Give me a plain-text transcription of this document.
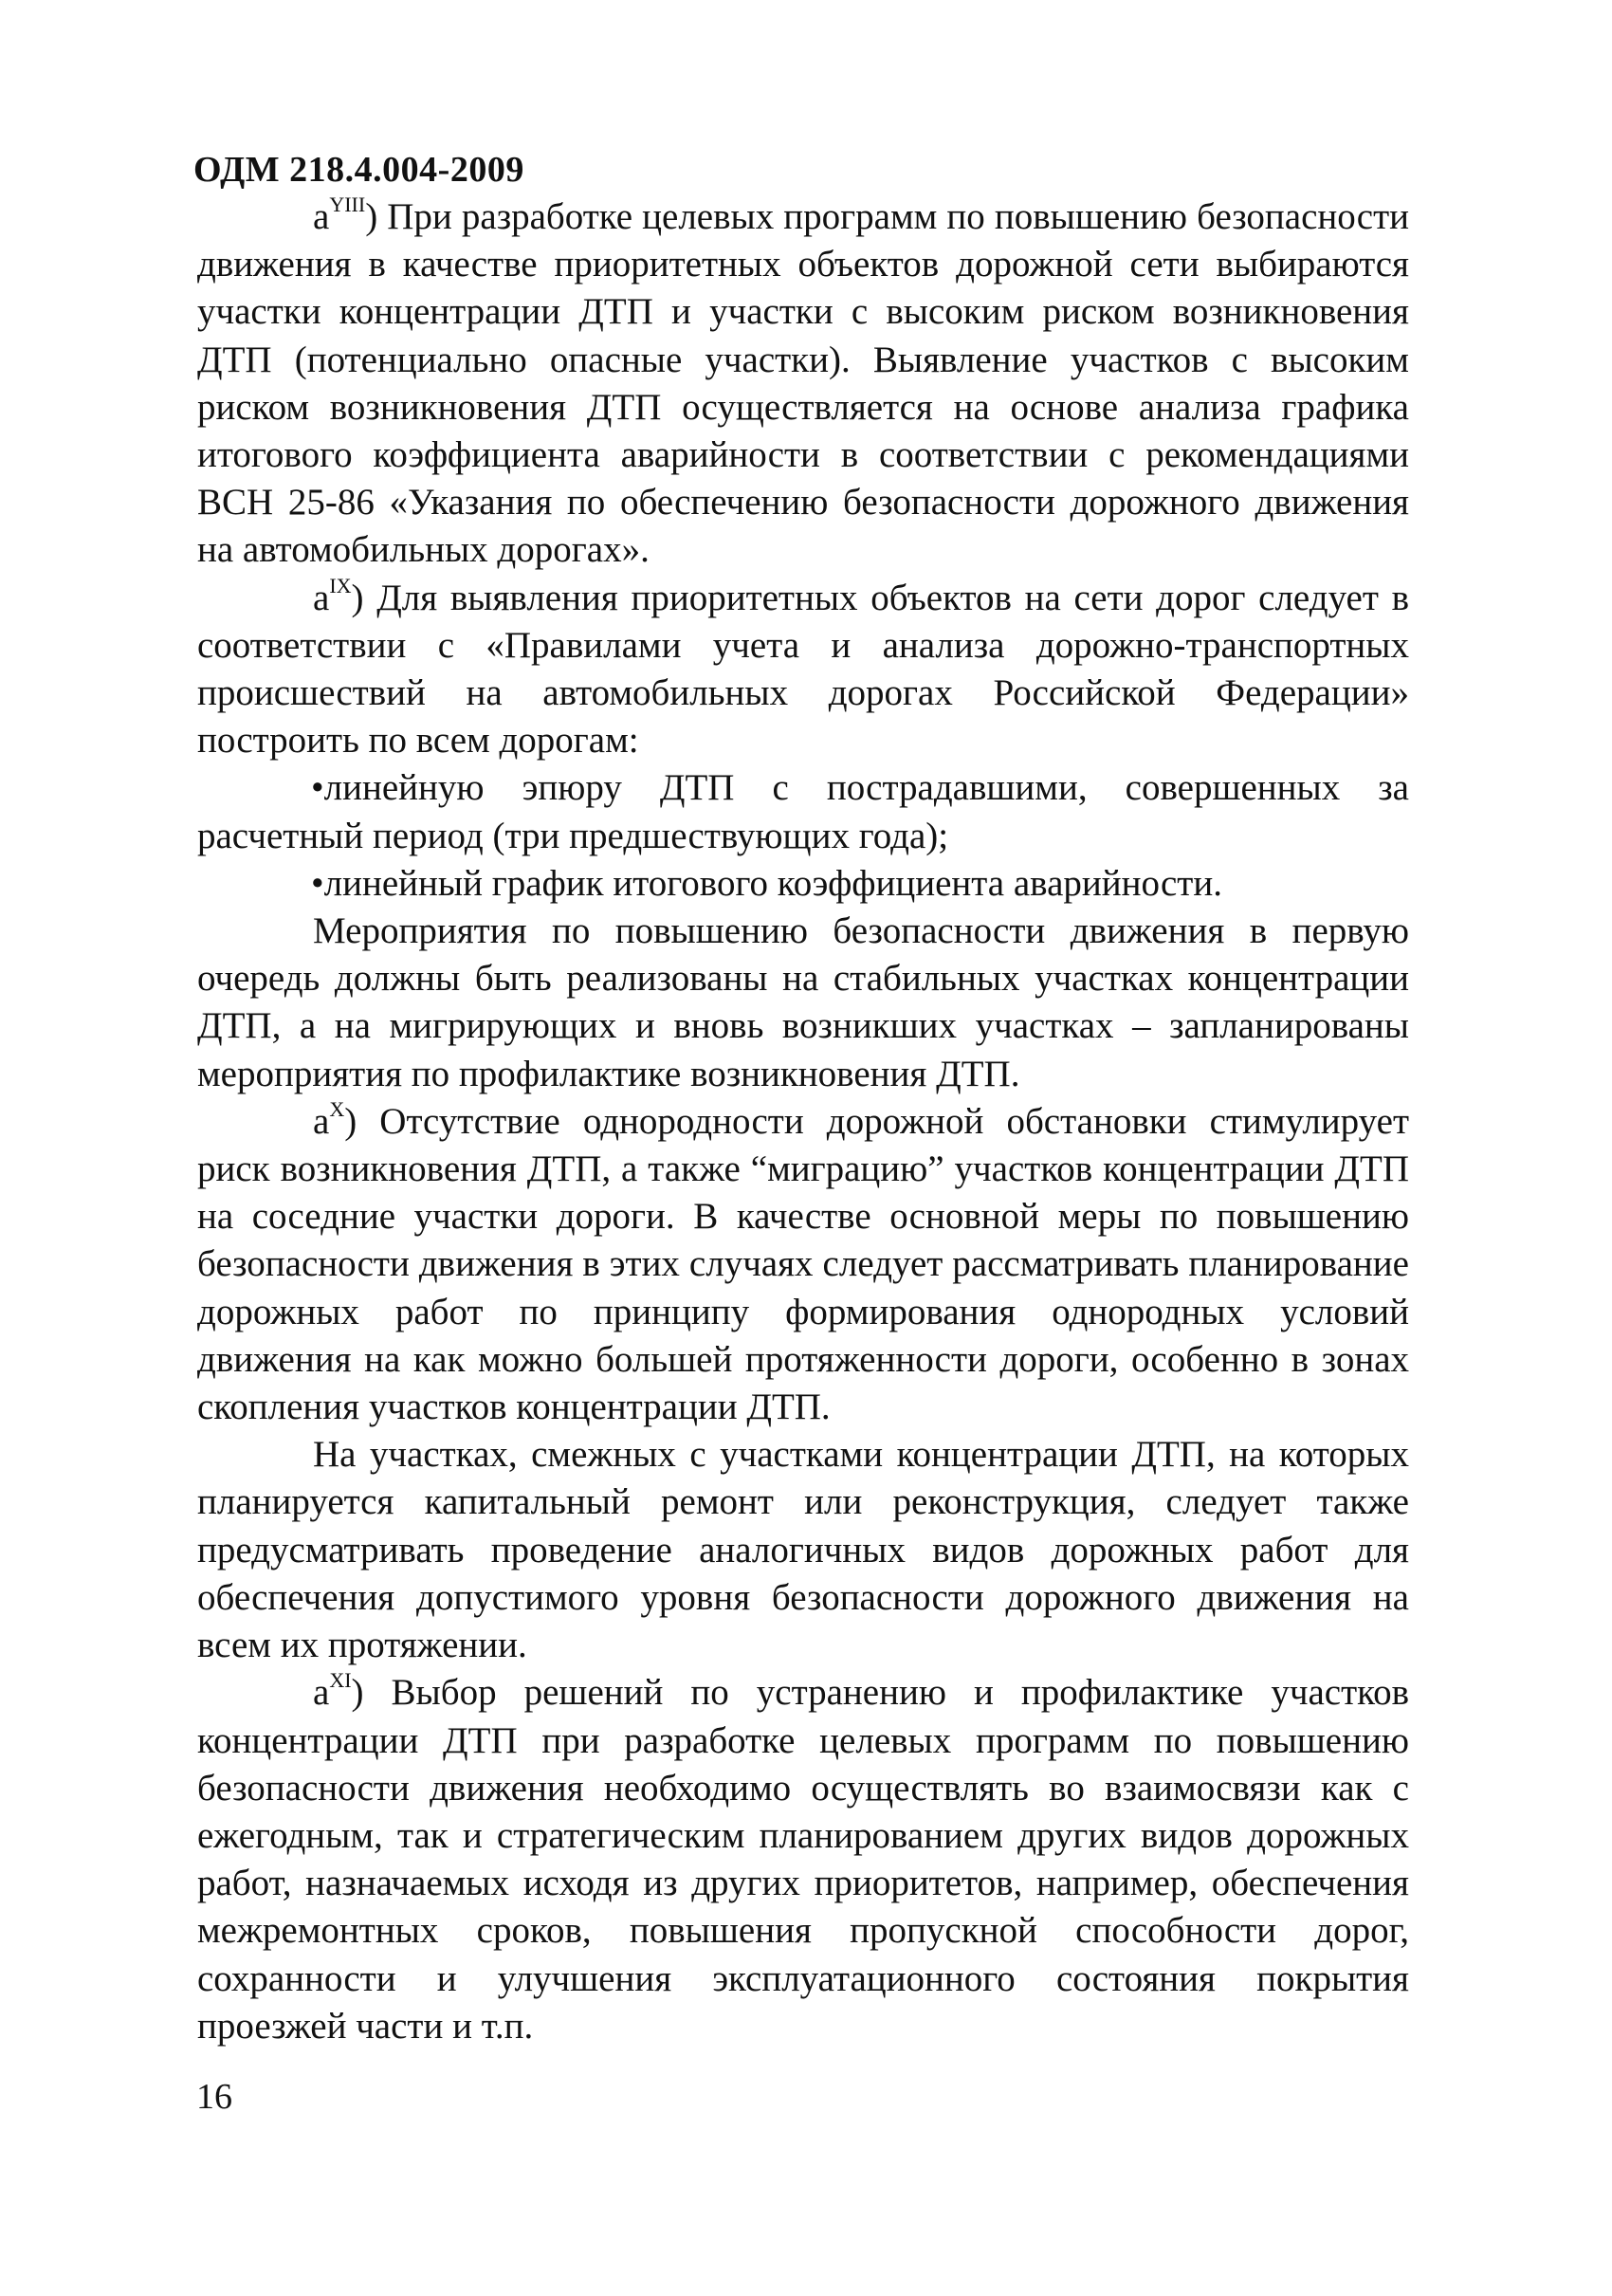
ОДМ 218.4.004-2009

$a^{YIII}$) При разработке целевых программ по повышению безопасности движения в качестве приоритетных объектов дорожной сети выбираются участки концентрации ДТП и участки с высоким риском возникновения ДТП (потенциально опасные участки). Выявление участков с высоким риском возникновения ДТП осуществляется на основе анализа графика итогового коэффициента аварийности в соответствии с рекомендациями ВСН 25-86 «Указания по обеспечению безопасности дорожного движения на автомобильных дорогах».

$a^{IX}$) Для выявления приоритетных объектов на сети дорог следует в соответствии с «Правилами учета и анализа дорожно-транспортных происшествий на автомобильных дорогах Российской Федерации» построить по всем дорогам:

•линейную эпюру ДТП с пострадавшими, совершенных за расчетный период (три предшествующих года);

•линейный график итогового коэффициента аварийности.

Мероприятия по повышению безопасности движения в первую очередь должны быть реализованы на стабильных участках концентрации ДТП, а на мигрирующих и вновь возникших участках – запланированы мероприятия по профилактике возникновения ДТП.

$a^X$) Отсутствие однородности дорожной обстановки стимулирует риск возникновения ДТП, а также “миграцию” участков концентрации ДТП на соседние участки дороги. В качестве основной меры по повышению безопасности движения в этих случаях следует рассматривать планирование дорожных работ по принципу формирования однородных условий движения на как можно большей протяженности дороги, особенно в зонах скопления участков концентрации ДТП.

На участках, смежных с участками концентрации ДТП, на которых планируется капитальный ремонт или реконструкция, следует также предусматривать проведение аналогичных видов дорожных работ для обеспечения допустимого уровня безопасности дорожного движения на всем их протяжении.

$a^{XI}$) Выбор решений по устранению и профилактике участков концентрации ДТП при разработке целевых программ по повышению безопасности движения необходимо осуществлять во взаимосвязи как с ежегодным, так и стратегическим планированием других видов дорожных работ, назначаемых исходя из других приоритетов, например, обеспечения межремонтных сроков, повышения пропускной способности дорог, сохранности и улучшения эксплуатационного состояния покрытия проезжей части и т.п.

16
